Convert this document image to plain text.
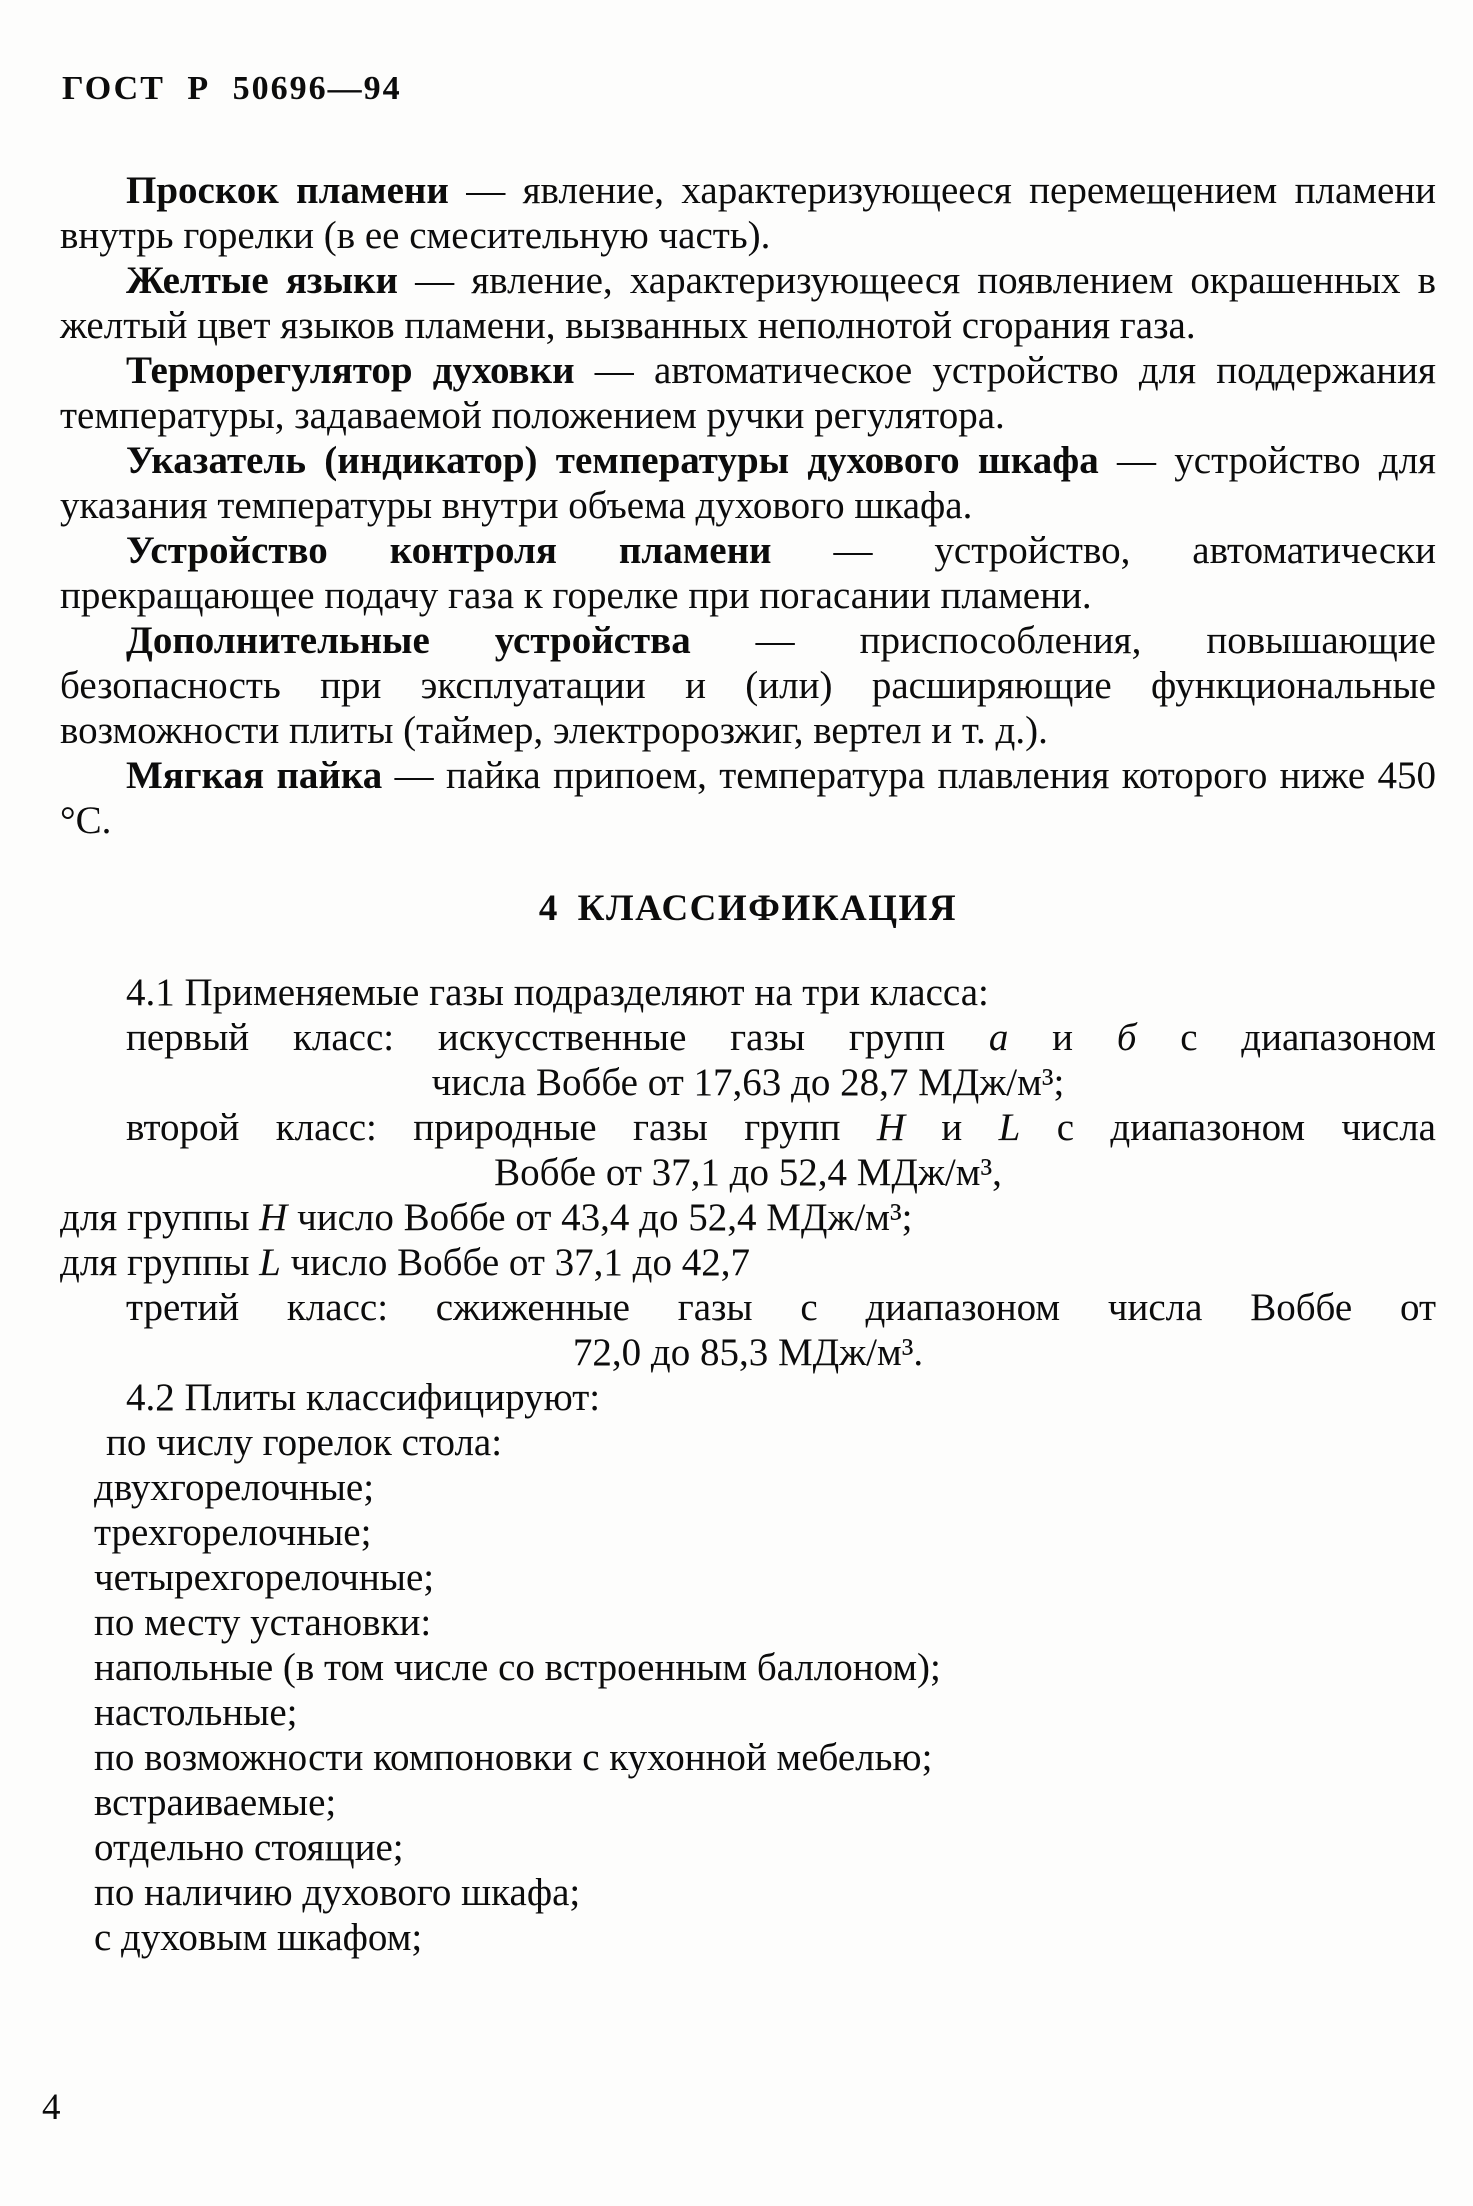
ГОСТ Р 50696—94

Проскок пламени — явление, характеризующееся перемещением пламени внутрь горелки (в ее смесительную часть).

Желтые языки — явление, характеризующееся появлением окрашенных в желтый цвет языков пламени, вызванных неполнотой сгорания газа.

Терморегулятор духовки — автоматическое устройство для поддержания температуры, задаваемой положением ручки регулятора.

Указатель (индикатор) температуры духового шкафа — устройство для указания температуры внутри объема духового шкафа.

Устройство контроля пламени — устройство, автоматически прекращающее подачу газа к горелке при погасании пламени.

Дополнительные устройства — приспособления, повышающие безопасность при эксплуатации и (или) расширяющие функциональные возможности плиты (таймер, электророзжиг, вертел и т. д.).

Мягкая пайка — пайка припоем, температура плавления которого ниже 450 °С.

4 КЛАССИФИКАЦИЯ
4.1 Применяемые газы подразделяют на три класса:
первый класс: искусственные газы групп а и б с диапазоном
числа Воббе от 17,63 до 28,7 МДж/м³;
второй класс: природные газы групп Н и L с диапазоном числа
Воббе от 37,1 до 52,4 МДж/м³,
для группы Н число Воббе от 43,4 до 52,4 МДж/м³;
для группы L число Воббе от 37,1 до 42,7
третий класс: сжиженные газы с диапазоном числа Воббе от
72,0 до 85,3 МДж/м³.
4.2 Плиты классифицируют:
по числу горелок стола:
двухгорелочные;
трехгорелочные;
четырехгорелочные;
по месту установки:
напольные (в том числе со встроенным баллоном);
настольные;
по возможности компоновки с кухонной мебелью;
встраиваемые;
отдельно стоящие;
по наличию духового шкафа;
с духовым шкафом;
4
